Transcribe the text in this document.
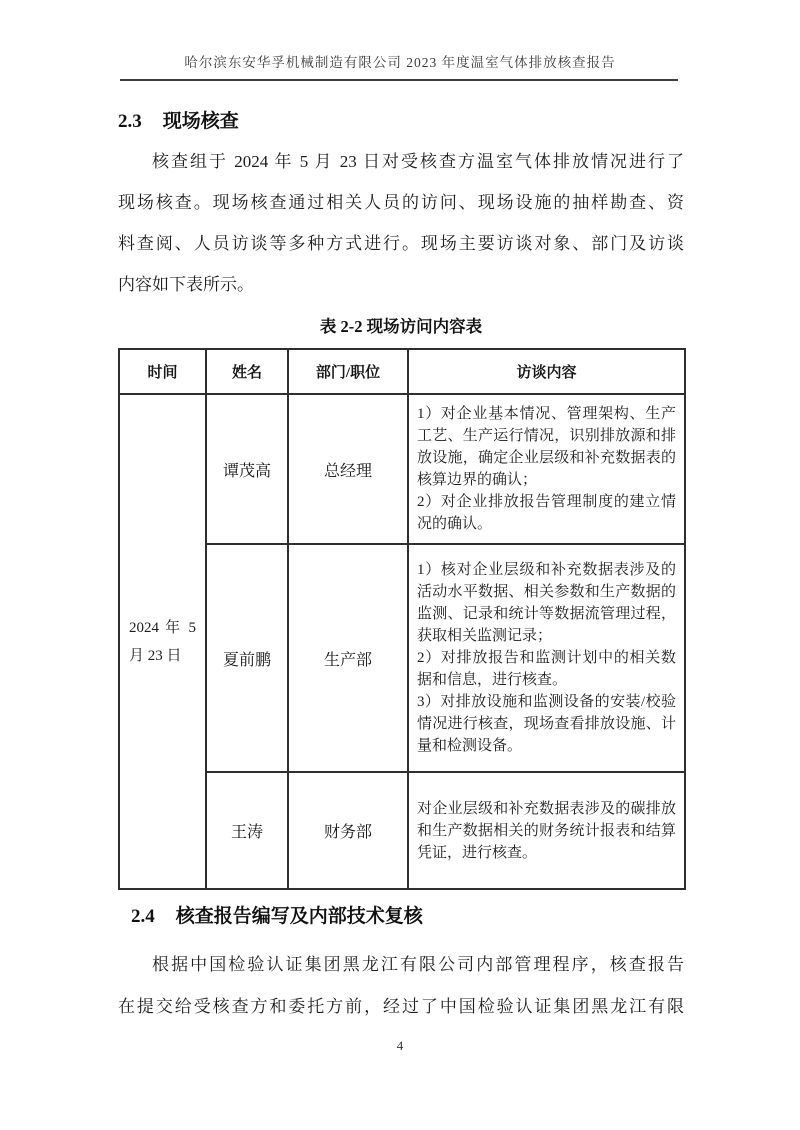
哈尔滨东安华孚机械制造有限公司 2023 年度温室气体排放核查报告
2.3 现场核查
核查组于 2024 年 5 月 23 日对受核查方温室气体排放情况进行了
现场核查。现场核查通过相关人员的访问、现场设施的抽样勘查、资
料查阅、人员访谈等多种方式进行。现场主要访谈对象、部门及访谈
内容如下表所示。
表 2-2 现场访问内容表
时间	姓名	部门/职位	访谈内容
2024 年 5 月 23 日	谭茂高	总经理	1）对企业基本情况、管理架构、生产工艺、生产运行情况，识别排放源和排放设施，确定企业层级和补充数据表的核算边界的确认；
2）对企业排放报告管理制度的建立情况的确认。

	夏前鹏	生产部	1）核对企业层级和补充数据表涉及的活动水平数据、相关参数和生产数据的监测、记录和统计等数据流管理过程，获取相关监测记录；
2）对排放报告和监测计划中的相关数据和信息，进行核查。
3）对排放设施和监测设备的安装/校验情况进行核查，现场查看排放设施、计量和检测设备。

	王涛	财务部	对企业层级和补充数据表涉及的碳排放和生产数据相关的财务统计报表和结算凭证，进行核查。
2.4 核查报告编写及内部技术复核
根据中国检验认证集团黑龙江有限公司内部管理程序，核查报告
在提交给受核查方和委托方前，经过了中国检验认证集团黑龙江有限
4
